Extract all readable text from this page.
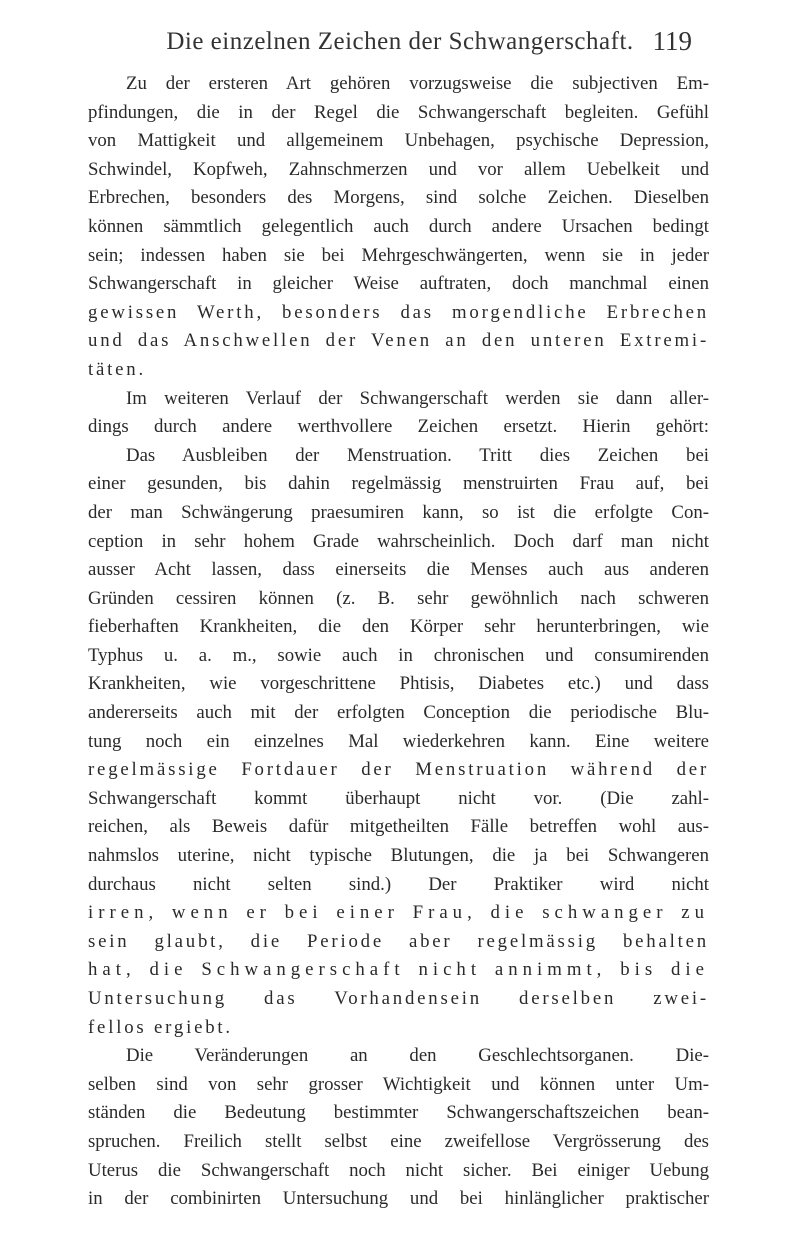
Die einzelnen Zeichen der Schwangerschaft. 119
Zu der ersteren Art gehören vorzugsweise die subjectiven Em-
pfindungen, die in der Regel die Schwangerschaft begleiten. Gefühl
von Mattigkeit und allgemeinem Unbehagen, psychische Depression,
Schwindel, Kopfweh, Zahnschmerzen und vor allem Uebelkeit und
Erbrechen, besonders des Morgens, sind solche Zeichen. Dieselben
können sämmtlich gelegentlich auch durch andere Ursachen bedingt
sein; indessen haben sie bei Mehrgeschwängerten, wenn sie in jeder
Schwangerschaft in gleicher Weise auftraten, doch manchmal einen
gewissen Werth, besonders das morgendliche Erbrechen
und das Anschwellen der Venen an den unteren Extremi-
täten.
Im weiteren Verlauf der Schwangerschaft werden sie dann aller-
dings durch andere werthvollere Zeichen ersetzt. Hierin gehört:
Das Ausbleiben der Menstruation. Tritt dies Zeichen bei
einer gesunden, bis dahin regelmässig menstruirten Frau auf, bei
der man Schwängerung praesumiren kann, so ist die erfolgte Con-
ception in sehr hohem Grade wahrscheinlich. Doch darf man nicht
ausser Acht lassen, dass einerseits die Menses auch aus anderen
Gründen cessiren können (z. B. sehr gewöhnlich nach schweren
fieberhaften Krankheiten, die den Körper sehr herunterbringen, wie
Typhus u. a. m., sowie auch in chronischen und consumirenden
Krankheiten, wie vorgeschrittene Phtisis, Diabetes etc.) und dass
andererseits auch mit der erfolgten Conception die periodische Blu-
tung noch ein einzelnes Mal wiederkehren kann. Eine weitere
regelmässige Fortdauer der Menstruation während der
Schwangerschaft kommt überhaupt nicht vor. (Die zahl-
reichen, als Beweis dafür mitgetheilten Fälle betreffen wohl aus-
nahmslos uterine, nicht typische Blutungen, die ja bei Schwangeren
durchaus nicht selten sind.) Der Praktiker wird nicht
irren, wenn er bei einer Frau, die schwanger zu
sein glaubt, die Periode aber regelmässig behalten
hat, die Schwangerschaft nicht annimmt, bis die
Untersuchung das Vorhandensein derselben zwei-
fellos ergiebt.
Die Veränderungen an den Geschlechtsorganen. Die-
selben sind von sehr grosser Wichtigkeit und können unter Um-
ständen die Bedeutung bestimmter Schwangerschaftszeichen bean-
spruchen. Freilich stellt selbst eine zweifellose Vergrösserung des
Uterus die Schwangerschaft noch nicht sicher. Bei einiger Uebung
in der combinirten Untersuchung und bei hinlänglicher praktischer
